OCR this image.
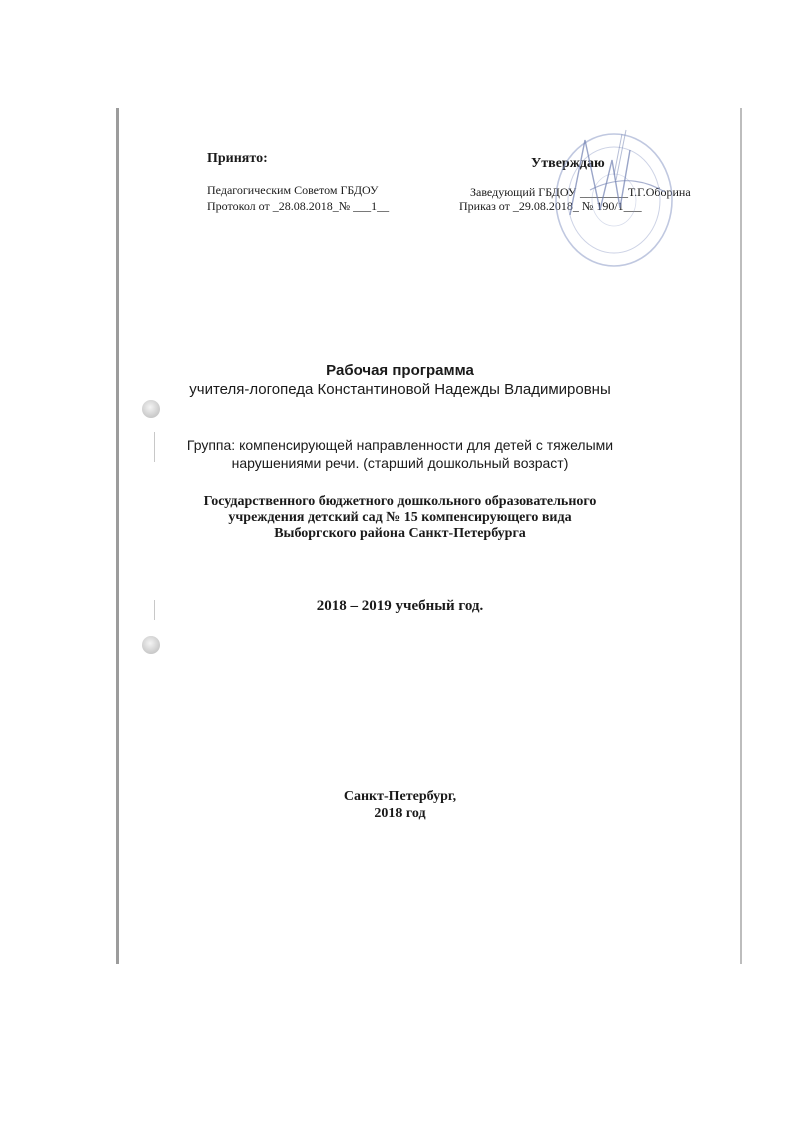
Принято:
Педагогическим Советом ГБДОУ
Протокол от _28.08.2018_№ ___1__
Утверждаю
Заведующий ГБДОУ ________Т.Г.Оборина
Приказ от _29.08.2018_ № 190/1___
Рабочая программа
учителя-логопеда Константиновой Надежды Владимировны
Группа: компенсирующей направленности для детей с тяжелыми
нарушениями речи. (старший дошкольный возраст)
Государственного бюджетного дошкольного образовательного
учреждения детский сад № 15 компенсирующего вида
Выборгского района Санкт-Петербурга
2018 – 2019 учебный год.
Санкт-Петербург,
2018 год
